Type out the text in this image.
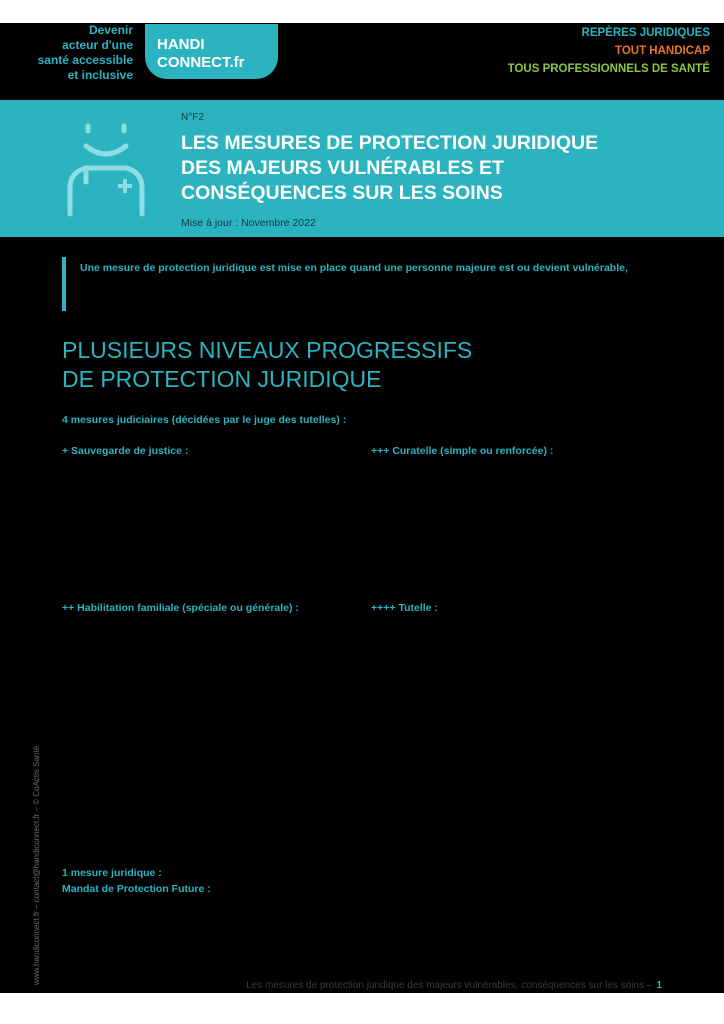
Devenir
acteur d'une
santé accessible
et inclusive
HANDI
CONNECT.fr
REPÈRES JURIDIQUES
TOUT HANDICAP
TOUS PROFESSIONNELS DE SANTÉ
N°F2
LES MESURES DE PROTECTION JURIDIQUE
DES MAJEURS VULNÉRABLES ET
CONSÉQUENCES SUR LES SOINS
Mise à jour : Novembre 2022
Une mesure de protection juridique est mise en place quand une personne majeure est ou devient vulnérable,
PLUSIEURS NIVEAUX PROGRESSIFS
DE PROTECTION JURIDIQUE
4 mesures judiciaires (décidées par le juge des tutelles) :
+ Sauvegarde de justice :	+++ Curatelle (simple ou renforcée) :
++ Habilitation familiale (spéciale ou générale) :	++++ Tutelle :
1 mesure juridique :
Mandat de Protection Future :
www.handiconnect.fr – contact@handiconnect.fr – © CoActis Santé
Les mesures de protection juridique des majeurs vulnérables, conséquences sur les soins – 1
